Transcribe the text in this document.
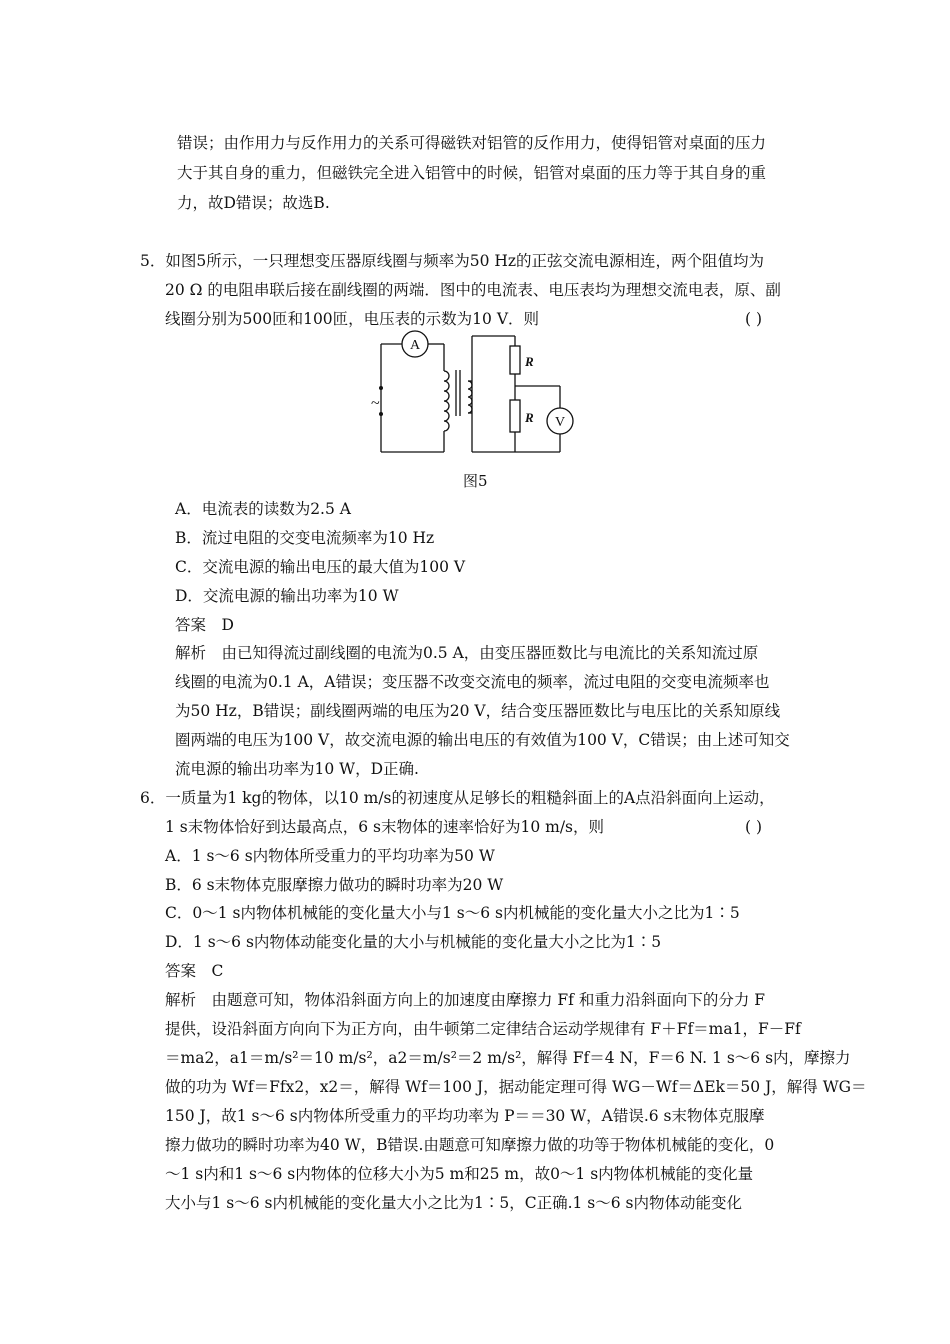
错误；由作用力与反作用力的关系可得磁铁对铝管的反作用力，使得铝管对桌面的压力
大于其自身的重力，但磁铁完全进入铝管中的时候，铝管对桌面的压力等于其自身的重
力，故D错误；故选B.
5．如图5所示，一只理想变压器原线圈与频率为50 Hz的正弦交流电源相连，两个阻值均为
20 Ω 的电阻串联后接在副线圈的两端．图中的电流表、电压表均为理想交流电表，原、副
线圈分别为500匝和100匝，电压表的示数为10 V．则	( )
~
A
V
R
R
图5
A．电流表的读数为2.5 A
B．流过电阻的交变电流频率为10 Hz
C．交流电源的输出电压的最大值为100 V
D．交流电源的输出功率为10 W
答案　D
解析　由已知得流过副线圈的电流为0.5 A，由变压器匝数比与电流比的关系知流过原
线圈的电流为0.1 A，A错误；变压器不改变交流电的频率，流过电阻的交变电流频率也
为50 Hz，B错误；副线圈两端的电压为20 V，结合变压器匝数比与电压比的关系知原线
圈两端的电压为100 V，故交流电源的输出电压的有效值为100 V，C错误；由上述可知交
流电源的输出功率为10 W，D正确.
6．一质量为1 kg的物体，以10 m/s的初速度从足够长的粗糙斜面上的A点沿斜面向上运动，
1 s末物体恰好到达最高点，6 s末物体的速率恰好为10 m/s，则	( )
A．1 s～6 s内物体所受重力的平均功率为50 W
B．6 s末物体克服摩擦力做功的瞬时功率为20 W
C．0～1 s内物体机械能的变化量大小与1 s～6 s内机械能的变化量大小之比为1∶5
D．1 s～6 s内物体动能变化量的大小与机械能的变化量大小之比为1∶5
答案　C
解析　由题意可知，物体沿斜面方向上的加速度由摩擦力 Ff 和重力沿斜面向下的分力 F
提供，设沿斜面方向向下为正方向，由牛顿第二定律结合运动学规律有 F＋Ff＝ma1，F－Ff
＝ma2，a1＝m/s²＝10 m/s²，a2＝m/s²＝2 m/s²，解得 Ff＝4 N，F＝6 N. 1 s～6 s内，摩擦力
做的功为 Wf＝Ffx2，x2＝，解得 Wf＝100 J，据动能定理可得 WG－Wf＝ΔEk＝50 J，解得 WG＝
150 J，故1 s～6 s内物体所受重力的平均功率为 P＝＝30 W，A错误.6 s末物体克服摩
擦力做功的瞬时功率为40 W，B错误.由题意可知摩擦力做的功等于物体机械能的变化，0
～1 s内和1 s～6 s内物体的位移大小为5 m和25 m，故0～1 s内物体机械能的变化量
大小与1 s～6 s内机械能的变化量大小之比为1∶5，C正确.1 s～6 s内物体动能变化
